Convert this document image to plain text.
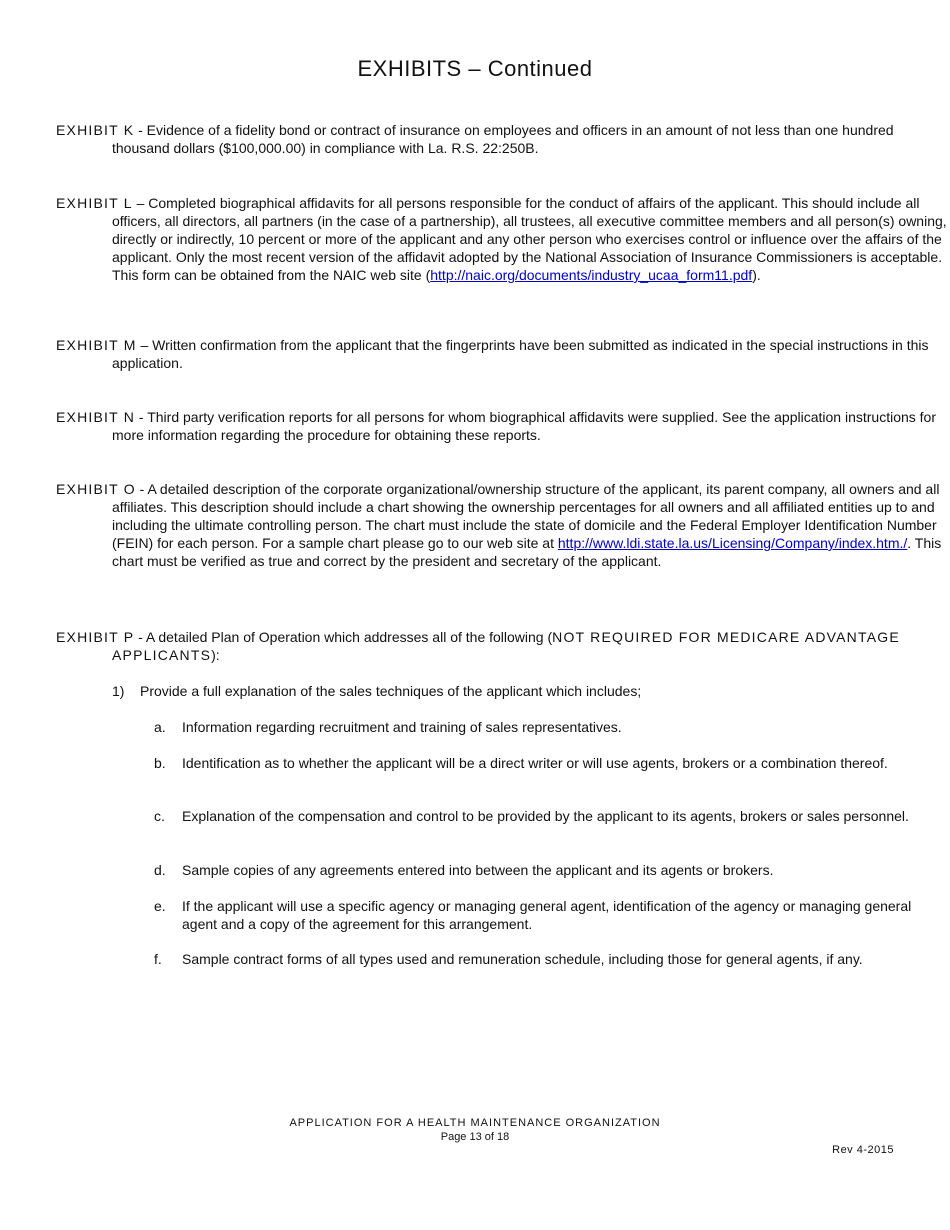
EXHIBITS – Continued

EXHIBIT K - Evidence of a fidelity bond or contract of insurance on employees and officers in an amount of not less than one hundred thousand dollars ($100,000.00) in compliance with La. R.S. 22:250B.

EXHIBIT L – Completed biographical affidavits for all persons responsible for the conduct of affairs of the applicant. This should include all officers, all directors, all partners (in the case of a partnership), all trustees, all executive committee members and all person(s) owning, directly or indirectly, 10 percent or more of the applicant and any other person who exercises control or influence over the affairs of the applicant. Only the most recent version of the affidavit adopted by the National Association of Insurance Commissioners is acceptable. This form can be obtained from the NAIC web site (http://naic.org/documents/industry_ucaa_form11.pdf).

EXHIBIT M – Written confirmation from the applicant that the fingerprints have been submitted as indicated in the special instructions in this application.

EXHIBIT N - Third party verification reports for all persons for whom biographical affidavits were supplied. See the application instructions for more information regarding the procedure for obtaining these reports.

EXHIBIT O - A detailed description of the corporate organizational/ownership structure of the applicant, its parent company, all owners and all affiliates. This description should include a chart showing the ownership percentages for all owners and all affiliated entities up to and including the ultimate controlling person. The chart must include the state of domicile and the Federal Employer Identification Number (FEIN) for each person. For a sample chart please go to our web site at http://www.ldi.state.la.us/Licensing/Company/index.htm./. This chart must be verified as true and correct by the president and secretary of the applicant.

EXHIBIT P - A detailed Plan of Operation which addresses all of the following (NOT REQUIRED FOR MEDICARE ADVANTAGE APPLICANTS):

1) Provide a full explanation of the sales techniques of the applicant which includes;

a. Information regarding recruitment and training of sales representatives.

b. Identification as to whether the applicant will be a direct writer or will use agents, brokers or a combination thereof.

c. Explanation of the compensation and control to be provided by the applicant to its agents, brokers or sales personnel.

d. Sample copies of any agreements entered into between the applicant and its agents or brokers.

e. If the applicant will use a specific agency or managing general agent, identification of the agency or managing general agent and a copy of the agreement for this arrangement.

f. Sample contract forms of all types used and remuneration schedule, including those for general agents, if any.

APPLICATION FOR A HEALTH MAINTENANCE ORGANIZATION
Page 13 of 18
Rev 4-2015
